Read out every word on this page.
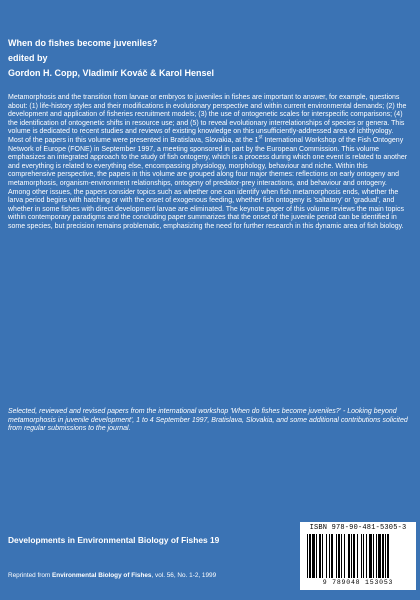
When do fishes become juveniles?

edited by

Gordon H. Copp, Vladimír Kováč & Karol Hensel

Metamorphosis and the transition from larvae or embryos to juveniles in fishes are important to answer, for example, questions about: (1) life-history styles and their modifications in evolutionary perspective and within current environmental demands; (2) the development and application of fisheries recruitment models; (3) the use of ontogenetic scales for interspecific comparisons; (4) the identification of ontogenetic shifts in resource use; and (5) to reveal evolutionary interrelationships of species or genera. This volume is dedicated to recent studies and reviews of existing knowledge on this unsufficiently-addressed area of ichthyology. Most of the papers in this volume were presented in Bratislava, Slovakia, at the 1st International Workshop of the Fish Ontogeny Network of Europe (FONE) in September 1997, a meeting sponsored in part by the European Commission. This volume emphasizes an integrated approach to the study of fish ontogeny, which is a process during which one event is related to another and everything is related to everything else, encompassing physiology, morphology, behaviour and niche. Within this comprehensive perspective, the papers in this volume are grouped along four major themes: reflections on early ontogeny and metamorphosis, organism-environment relationships, ontogeny of predator-prey interactions, and behaviour and ontogeny. Among other issues, the papers consider topics such as whether one can identify when fish metamorphosis ends, whether the larva period begins with hatching or with the onset of exogenous feeding, whether fish ontogeny is 'saltatory' or 'gradual', and whether in some fishes with direct development larvae are eliminated. The keynote paper of this volume reviews the main topics within contemporary paradigms and the concluding paper summarizes that the onset of the juvenile period can be identified in some species, but precision remains problematic, emphasizing the need for further research in this dynamic area of fish biology.

Selected, reviewed and revised papers from the international workshop 'When do fishes become juveniles?' - Looking beyond metamorphosis in juvenile development', 1 to 4 September 1997, Bratislava, Slovakia, and some additional contributions solicited from regular submissions to the journal.

Developments in Environmental Biology of Fishes 19

Reprinted from Environmental Biology of Fishes, vol. 56, No. 1-2, 1999

ISBN 978-90-481-5305-3
9 789048 153053
